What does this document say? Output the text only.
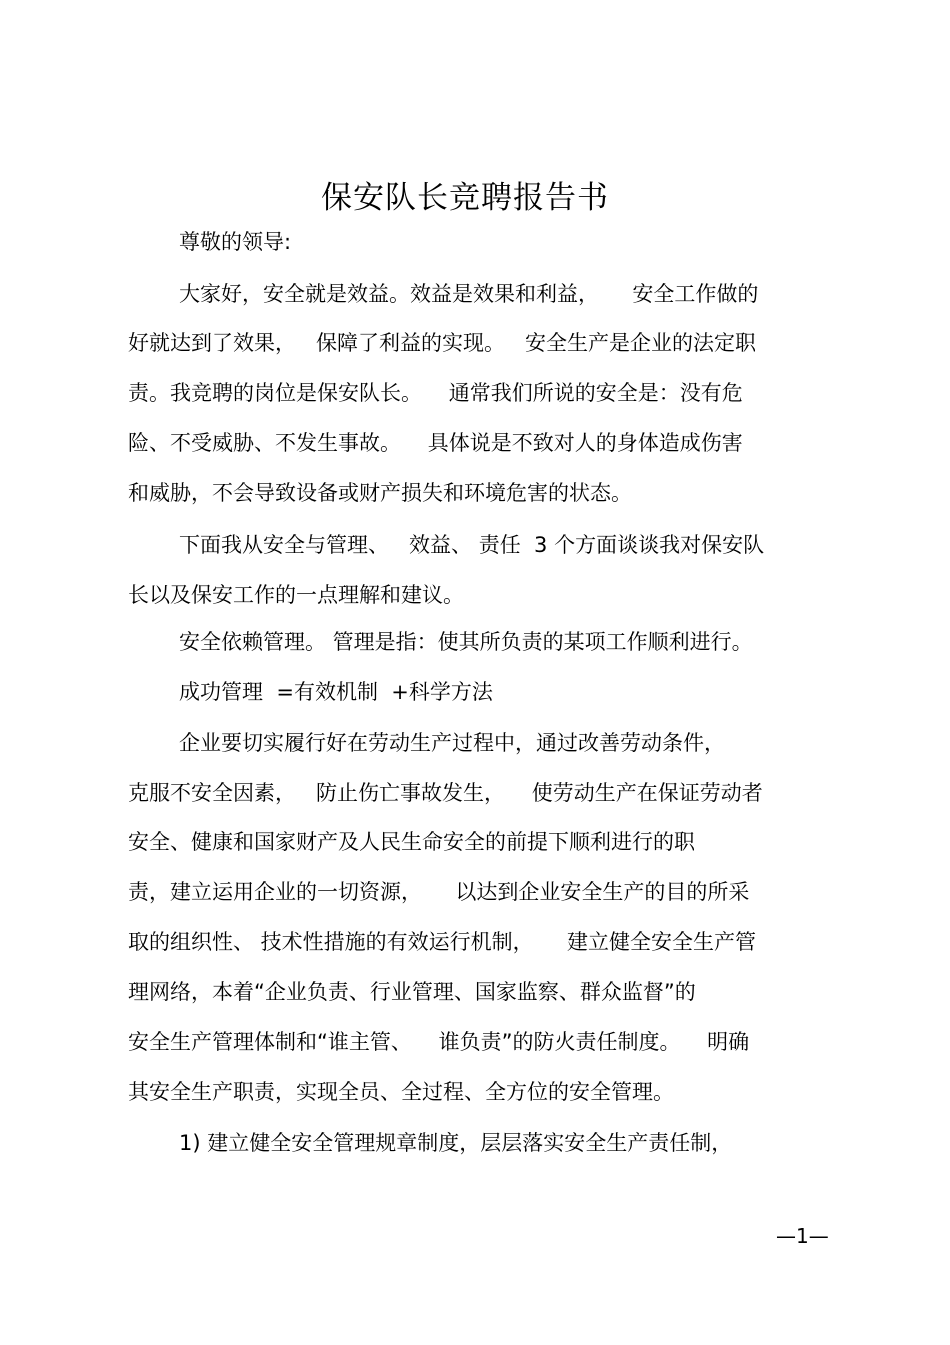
保安队长竞聘报告书
尊敬的领导:
大家好，安全就是效益。效益是效果和利益，     安全工作做的
好就达到了效果，   保障了利益的实现。   安全生产是企业的法定职
责。我竞聘的岗位是保安队长。    通常我们所说的安全是：没有危
险、不受威胁、不发生事故。    具体说是不致对人的身体造成伤害
和威胁，不会导致设备或财产损失和环境危害的状态。
下面我从安全与管理、   效益、 责任  3 个方面谈谈我对保安队
长以及保安工作的一点理解和建议。
安全依赖管理。 管理是指：使其所负责的某项工作顺利进行。
成功管理  =有效机制  +科学方法
企业要切实履行好在劳动生产过程中，通过改善劳动条件，
克服不安全因素，   防止伤亡事故发生，    使劳动生产在保证劳动者
安全、健康和国家财产及人民生命安全的前提下顺利进行的职
责，建立运用企业的一切资源，     以达到企业安全生产的目的所采
取的组织性、 技术性措施的有效运行机制，     建立健全安全生产管
理网络，本着“企业负责、行业管理、国家监察、群众监督”的
安全生产管理体制和“谁主管、    谁负责”的防火责任制度。    明确
其安全生产职责，实现全员、全过程、全方位的安全管理。
1) 建立健全安全管理规章制度，层层落实安全生产责任制，
—1—
